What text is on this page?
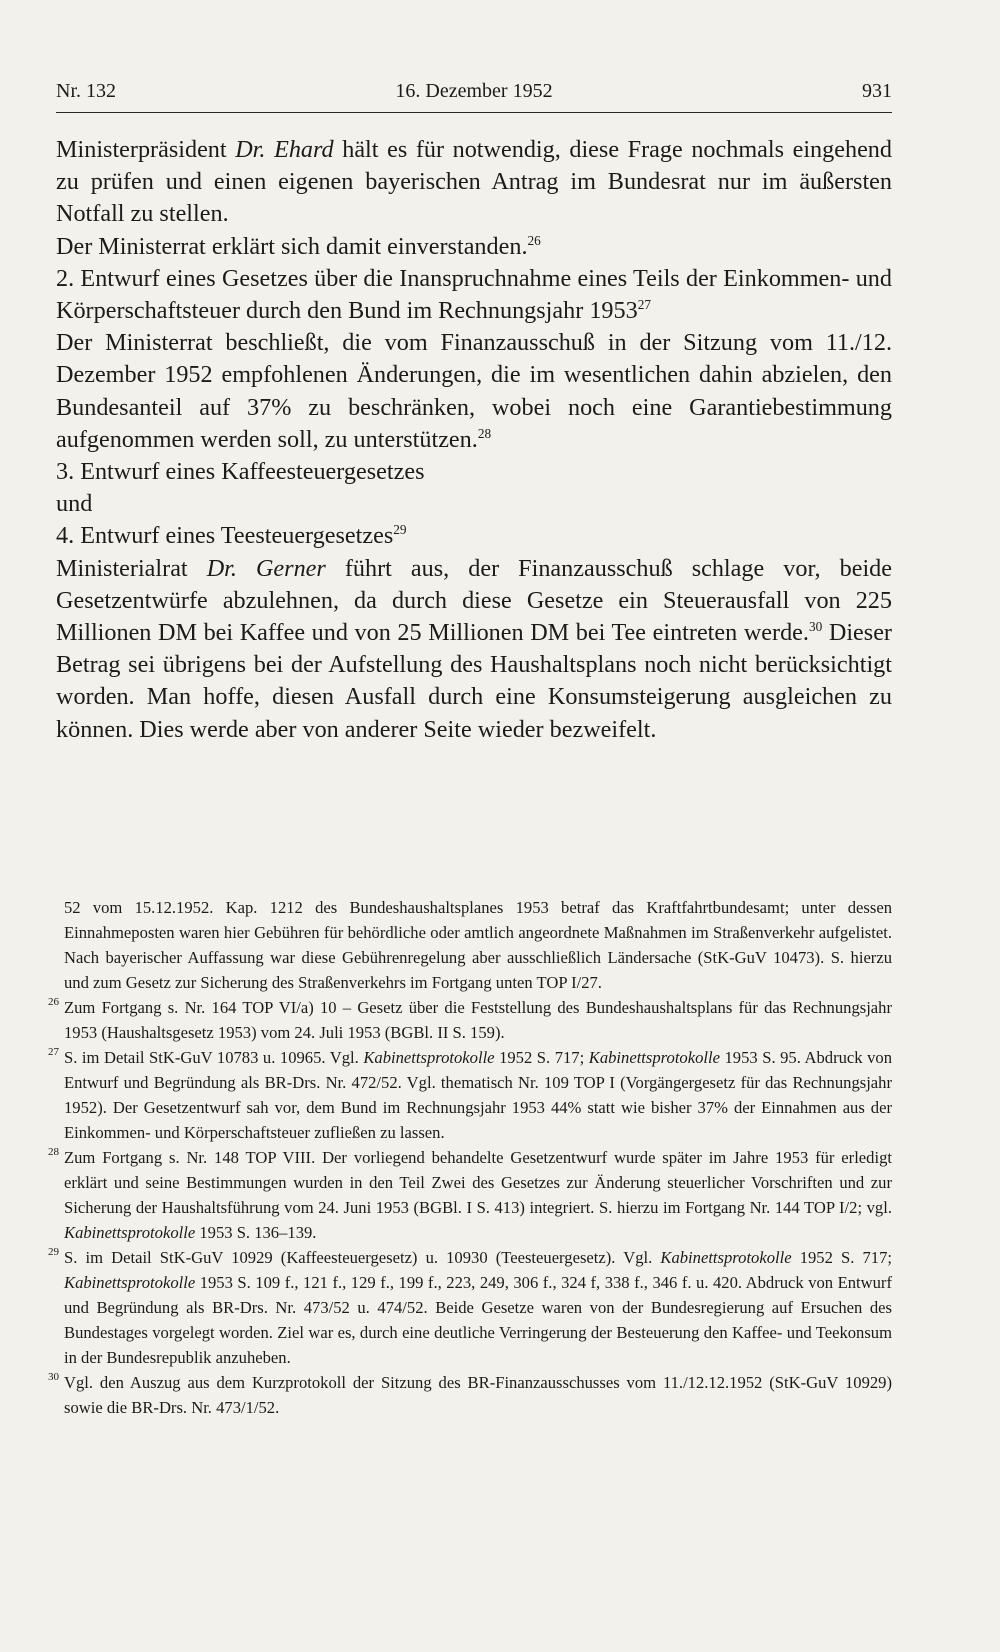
Nr. 132	16. Dezember 1952	931

Ministerpräsident Dr. Ehard hält es für notwendig, diese Frage nochmals eingehend zu prüfen und einen eigenen bayerischen Antrag im Bundesrat nur im äußersten Notfall zu stellen.

Der Ministerrat erklärt sich damit einverstanden.$^{26}$

2. Entwurf eines Gesetzes über die Inanspruchnahme eines Teils der Einkommen- und Körperschaftsteuer durch den Bund im Rechnungsjahr 1953$^{27}$

Der Ministerrat beschließt, die vom Finanzausschuß in der Sitzung vom 11./12. Dezember 1952 empfohlenen Änderungen, die im wesentlichen dahin abzielen, den Bundesanteil auf 37% zu beschränken, wobei noch eine Garantiebestimmung aufgenommen werden soll, zu unterstützen.$^{28}$

3. Entwurf eines Kaffeesteuergesetzes

und

4. Entwurf eines Teesteuergesetzes$^{29}$

Ministerialrat Dr. Gerner führt aus, der Finanzausschuß schlage vor, beide Gesetzentwürfe abzulehnen, da durch diese Gesetze ein Steuerausfall von 225 Millionen DM bei Kaffee und von 25 Millionen DM bei Tee eintreten werde.$^{30}$ Dieser Betrag sei übrigens bei der Aufstellung des Haushaltsplans noch nicht berücksichtigt worden. Man hoffe, diesen Ausfall durch eine Konsumsteigerung ausgleichen zu können. Dies werde aber von anderer Seite wieder bezweifelt.

52 vom 15.12.1952. Kap. 1212 des Bundeshaushaltsplanes 1953 betraf das Kraftfahrtbundesamt; unter dessen Einnahmeposten waren hier Gebühren für behördliche oder amtlich angeordnete Maßnahmen im Straßenverkehr aufgelistet. Nach bayerischer Auffassung war diese Gebührenregelung aber ausschließlich Ländersache (StK-GuV 10473). S. hierzu und zum Gesetz zur Sicherung des Straßenverkehrs im Fortgang unten TOP I/27.

26 Zum Fortgang s. Nr. 164 TOP VI/a) 10 – Gesetz über die Feststellung des Bundeshaushaltsplans für das Rechnungsjahr 1953 (Haushaltsgesetz 1953) vom 24. Juli 1953 (BGBl. II S. 159).

27 S. im Detail StK-GuV 10783 u. 10965. Vgl. Kabinettsprotokolle 1952 S. 717; Kabinettsprotokolle 1953 S. 95. Abdruck von Entwurf und Begründung als BR-Drs. Nr. 472/52. Vgl. thematisch Nr. 109 TOP I (Vorgängergesetz für das Rechnungsjahr 1952). Der Gesetzentwurf sah vor, dem Bund im Rechnungsjahr 1953 44% statt wie bisher 37% der Einnahmen aus der Einkommen- und Körperschaftsteuer zufließen zu lassen.

28 Zum Fortgang s. Nr. 148 TOP VIII. Der vorliegend behandelte Gesetzentwurf wurde später im Jahre 1953 für erledigt erklärt und seine Bestimmungen wurden in den Teil Zwei des Gesetzes zur Änderung steuerlicher Vorschriften und zur Sicherung der Haushaltsführung vom 24. Juni 1953 (BGBl. I S. 413) integriert. S. hierzu im Fortgang Nr. 144 TOP I/2; vgl. Kabinettsprotokolle 1953 S. 136–139.

29 S. im Detail StK-GuV 10929 (Kaffeesteuergesetz) u. 10930 (Teesteuergesetz). Vgl. Kabinettsprotokolle 1952 S. 717; Kabinettsprotokolle 1953 S. 109 f., 121 f., 129 f., 199 f., 223, 249, 306 f., 324 f, 338 f., 346 f. u. 420. Abdruck von Entwurf und Begründung als BR-Drs. Nr. 473/52 u. 474/52. Beide Gesetze waren von der Bundesregierung auf Ersuchen des Bundestages vorgelegt worden. Ziel war es, durch eine deutliche Verringerung der Besteuerung den Kaffee- und Teekonsum in der Bundesrepublik anzuheben.

30 Vgl. den Auszug aus dem Kurzprotokoll der Sitzung des BR-Finanzausschusses vom 11./12.12.1952 (StK-GuV 10929) sowie die BR-Drs. Nr. 473/1/52.
